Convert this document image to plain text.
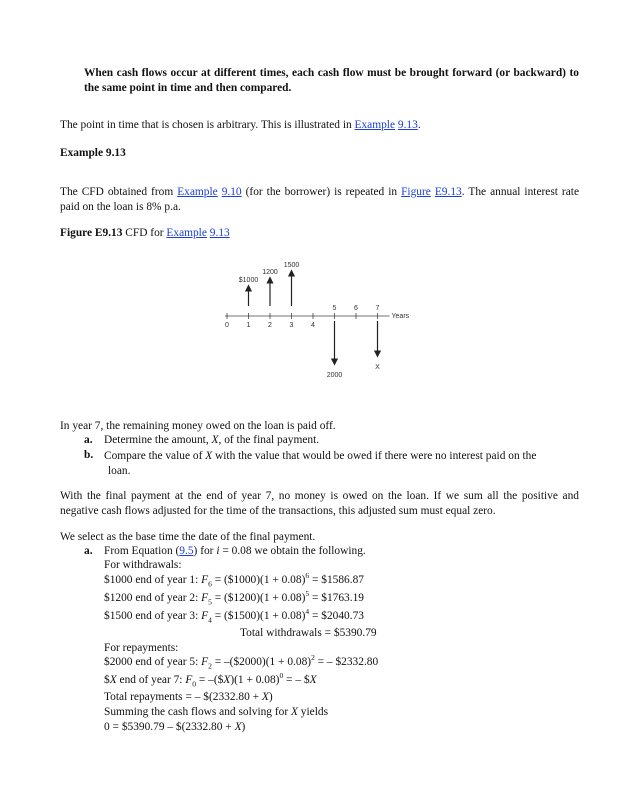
When cash flows occur at different times, each cash flow must be brought forward (or backward) to the same point in time and then compared.
The point in time that is chosen is arbitrary. This is illustrated in Example 9.13.
Example 9.13
The CFD obtained from Example 9.10 (for the borrower) is repeated in Figure E9.13. The annual interest rate paid on the loan is 8% p.a.
Figure E9.13 CFD for Example 9.13
Years
0	1	2	3	4
5	6	7
$1000
1200
1500
2000
X
In year 7, the remaining money owed on the loan is paid off.
a. Determine the amount, X, of the final payment.
b. Compare the value of X with the value that would be owed if there were no interest paid on the
loan.
With the final payment at the end of year 7, no money is owed on the loan. If we sum all the positive and negative cash flows adjusted for the time of the transactions, this adjusted sum must equal zero.
We select as the base time the date of the final payment.
a. From Equation (9.5) for i = 0.08 we obtain the following.
For withdrawals:
$1000 end of year 1: $F_6$ = ($1000)(1 + 0.08)$^6$ = $1586.87
$1200 end of year 2: $F_5$ = ($1200)(1 + 0.08)$^5$ = $1763.19
$1500 end of year 3: $F_4$ = ($1500)(1 + 0.08)$^4$ = $2040.73
Total withdrawals = $5390.79
For repayments:
$2000 end of year 5: $F_2$ = –($2000)(1 + 0.08)$^2$ = – $2332.80
$X end of year 7: $F_0$ = –($X)(1 + 0.08)$^0$ = – $X
Total repayments = – $(2332.80 + X)
Summing the cash flows and solving for X yields
0 = $5390.79 – $(2332.80 + X)
